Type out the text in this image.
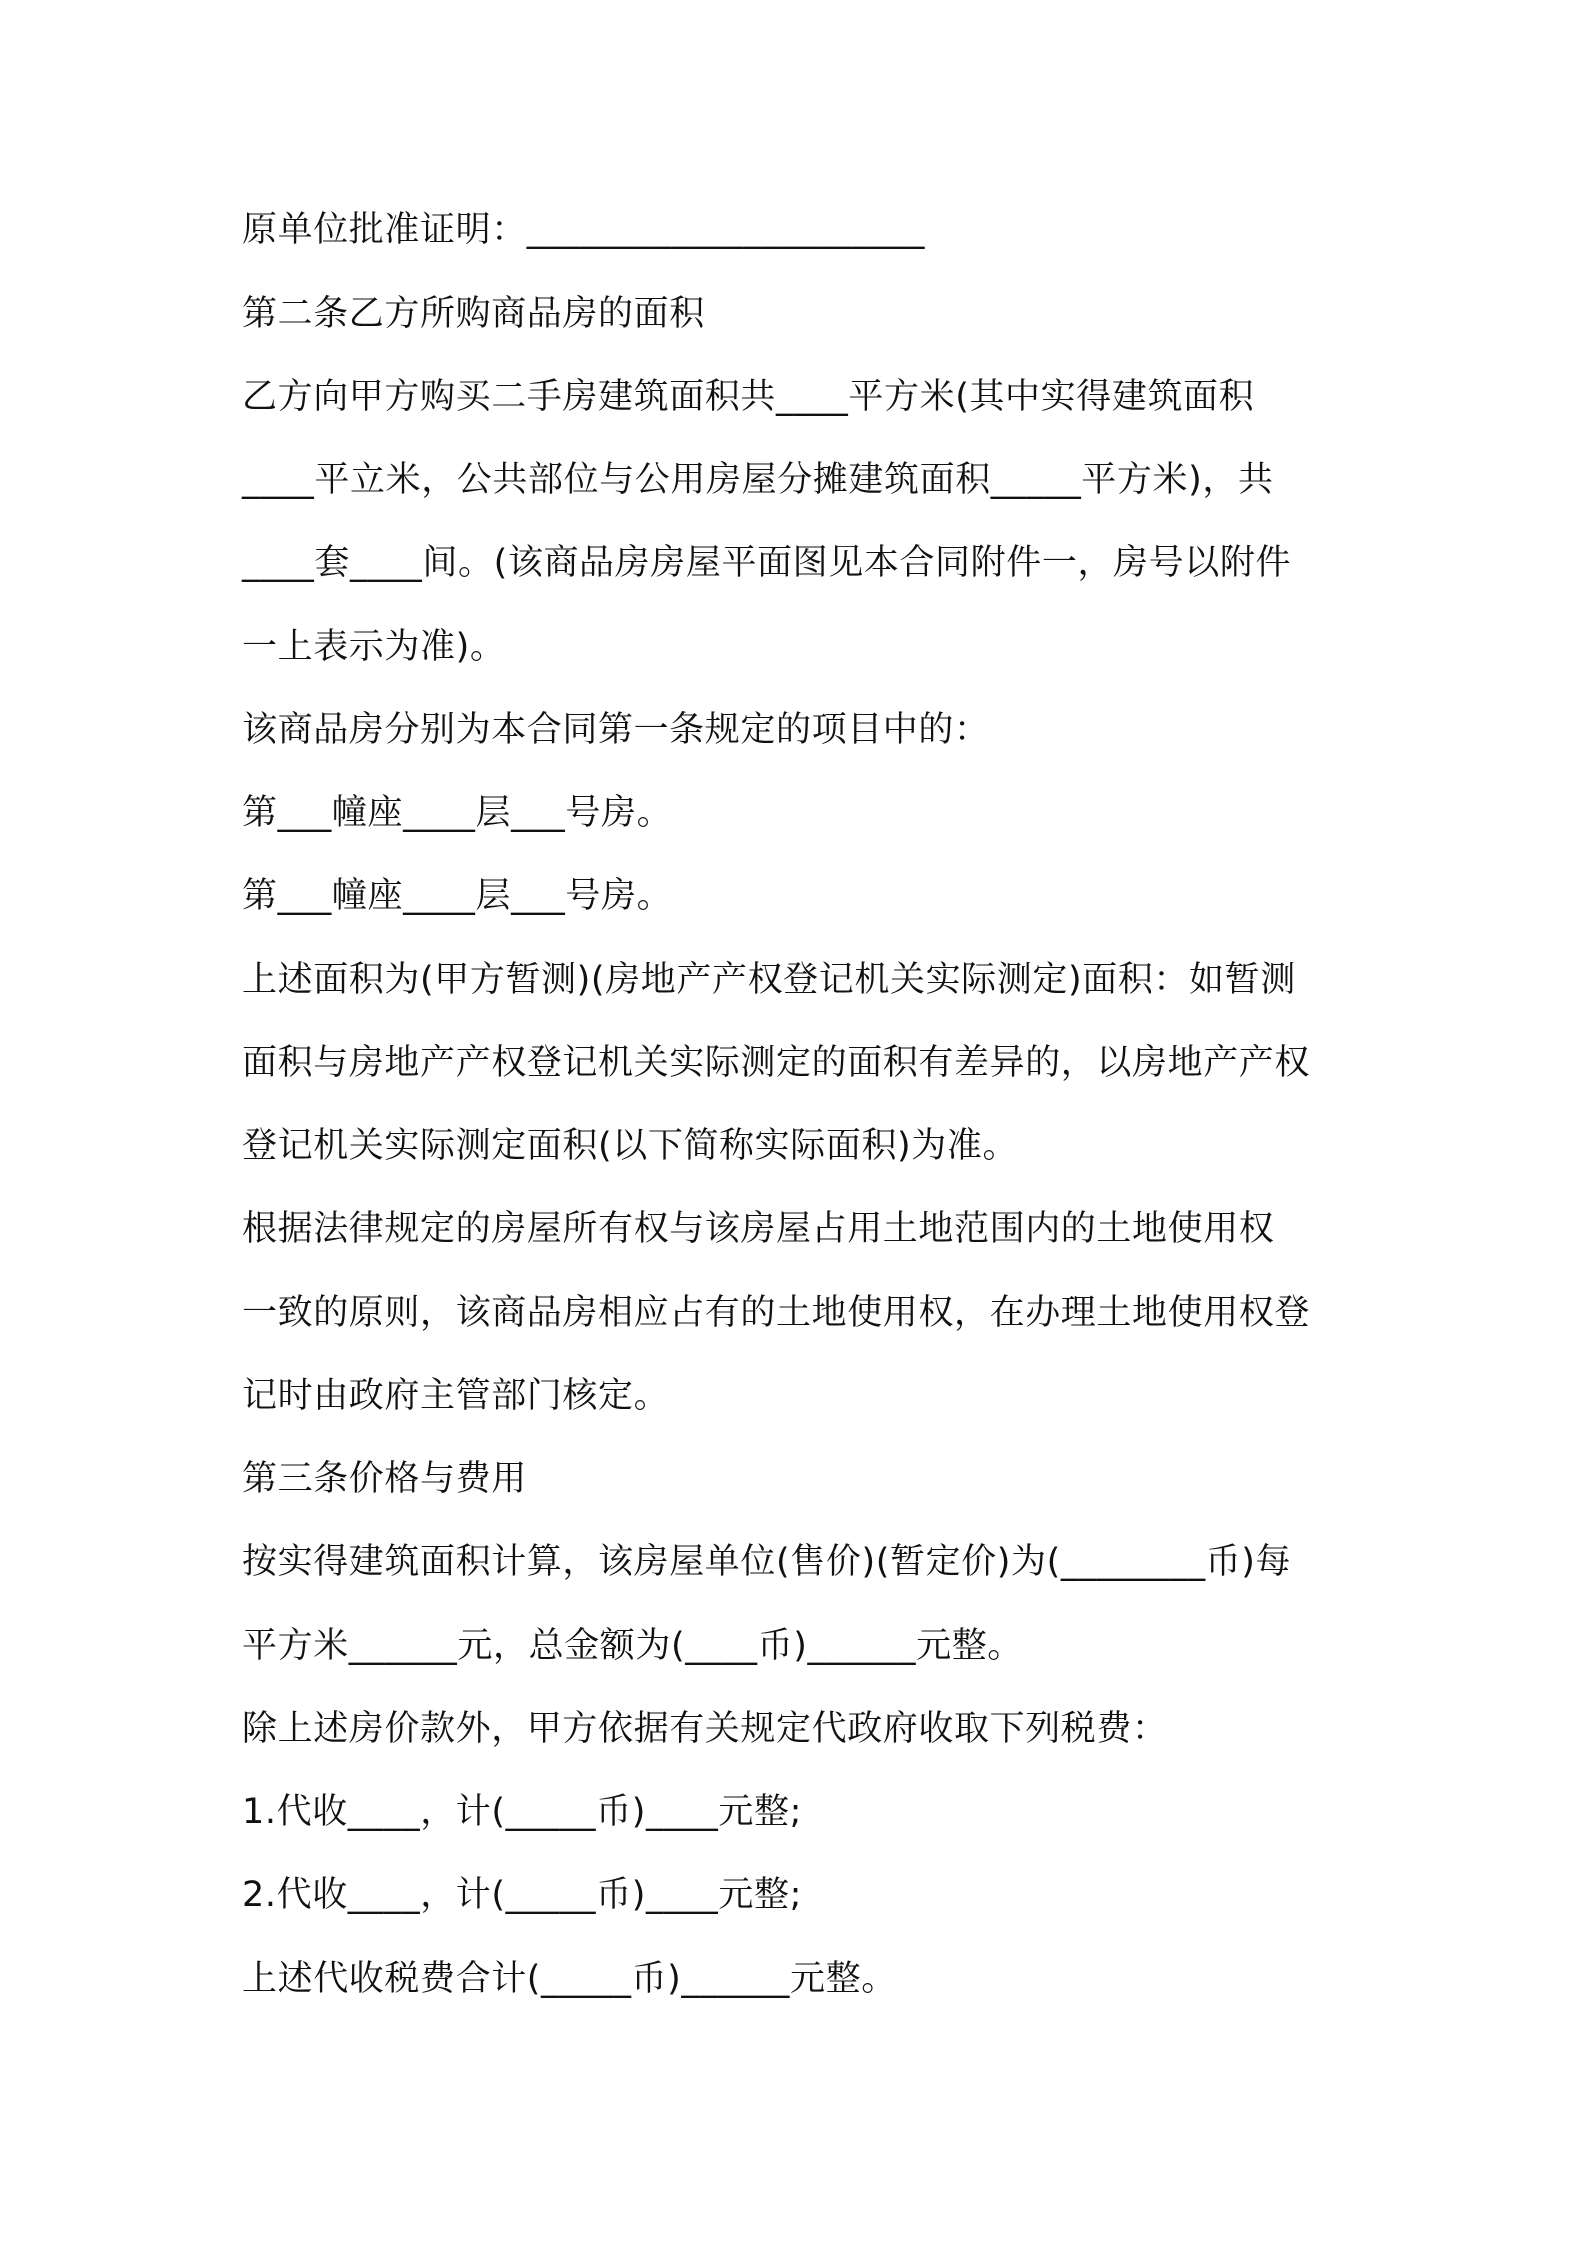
原单位批准证明：______________________

第二条乙方所购商品房的面积

乙方向甲方购买二手房建筑面积共____平方米(其中实得建筑面积

____平立米，公共部位与公用房屋分摊建筑面积_____平方米)，共

____套____间。(该商品房房屋平面图见本合同附件一，房号以附件

一上表示为准)。

该商品房分别为本合同第一条规定的项目中的：

第___幢座____层___号房。

第___幢座____层___号房。

上述面积为(甲方暂测)(房地产产权登记机关实际测定)面积：如暂测

面积与房地产产权登记机关实际测定的面积有差异的，以房地产产权

登记机关实际测定面积(以下简称实际面积)为准。

根据法律规定的房屋所有权与该房屋占用土地范围内的土地使用权

一致的原则，该商品房相应占有的土地使用权，在办理土地使用权登

记时由政府主管部门核定。

第三条价格与费用

按实得建筑面积计算，该房屋单位(售价)(暂定价)为(________币)每

平方米______元，总金额为(____币)______元整。

除上述房价款外，甲方依据有关规定代政府收取下列税费：

1.代收____，计(_____币)____元整;

2.代收____，计(_____币)____元整;

上述代收税费合计(_____币)______元整。
